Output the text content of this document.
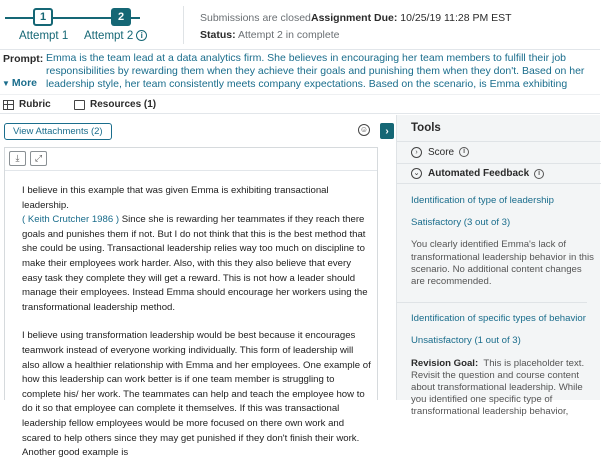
1	2
Attempt 1 Attempt 2 i
Submissions are closed Assignment Due: 10/25/19 11:28 PM EST
Status: Attempt 2 in complete
Prompt: Emma is the team lead at a data analytics firm. She believes in encouraging her team members to fulfill their job responsibilities by rewarding them when they achieve their goals and punishing them when they don't. Based on her leadership style, her team consistently meets company expectations. Based on the scenario, is Emma exhibiting
▼ More
Rubric	Resources (1)
View Attachments (2)	☺
⤓	⤢

I believe in this example that was given Emma is exhibiting transactional leadership.
( Keith Crutcher 1986 ) Since she is rewarding her teammates if they reach there goals and punishes them if not. But I do not think that this is the best method that she could be using. Transactional leadership relies way too much on discipline to make their employees work harder. Also, with this they also believe that every easy task they complete they will get a reward. This is not how a leader should manage their employees. Instead Emma should encourage her workers using the transformational leadership method.

I believe using transformation leadership would be best because it encourages teamwork instead of everyone working individually. This form of leadership will also allow a healthier relationship with Emma and her employees. One example of how this leadership can work better is if one team member is struggling to complete his/ her work. The teammates can help and teach the employee how to do it so that employee can complete it themselves. If this was transactional leadership fellow employees would be more focused on there own work and scared to help others since they may get punished if they don't finish their work. Another good example is

›	Tools
›	Score	i
⌄ Automated Feedback	i
Identification of type of leadership
Satisfactory (3 out of 3)
You clearly identified Emma's lack of transformational leadership behavior in this scenario. No additional content changes are recommended.
Identification of specific types of behavior
Unsatisfactory (1 out of 3)
Revision Goal: This is placeholder text. Revisit the question and course content about transformational leadership. While you identified one specific type of transformational leadership behavior,
